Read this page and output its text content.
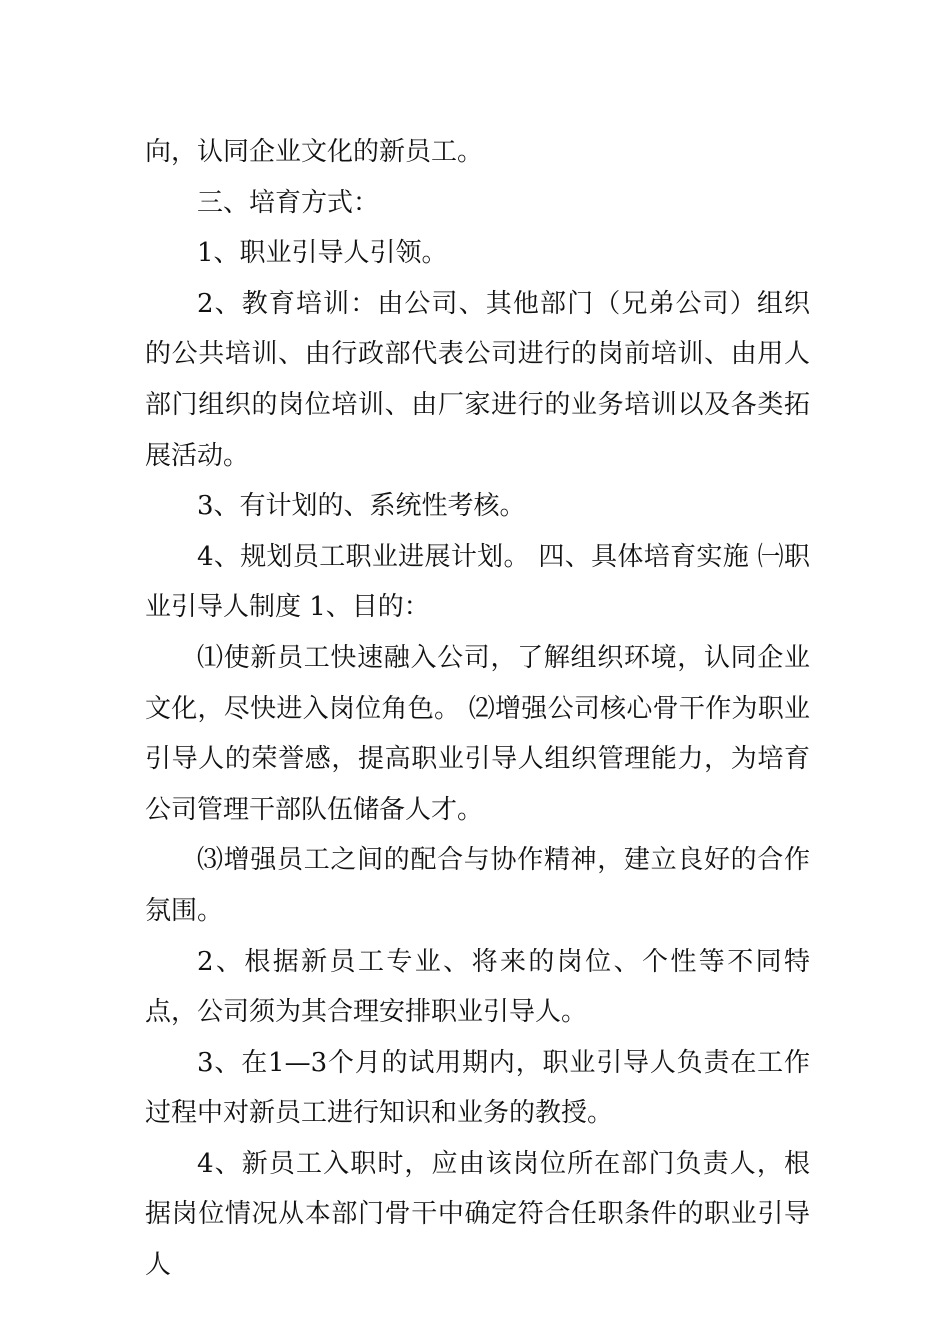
向，认同企业文化的新员工。

三、培育方式：

1、职业引导人引领。

2、教育培训：由公司、其他部门（兄弟公司）组织的公共培训、由行政部代表公司进行的岗前培训、由用人部门组织的岗位培训、由厂家进行的业务培训以及各类拓展活动。

3、有计划的、系统性考核。

4、规划员工职业进展计划。 四、具体培育实施 ㈠职业引导人制度 1、目的：

⑴使新员工快速融入公司，了解组织环境，认同企业文化，尽快进入岗位角色。 ⑵增强公司核心骨干作为职业引导人的荣誉感，提高职业引导人组织管理能力，为培育公司管理干部队伍储备人才。

⑶增强员工之间的配合与协作精神，建立良好的合作氛围。

2、根据新员工专业、将来的岗位、个性等不同特点，公司须为其合理安排职业引导人。

3、在1—3个月的试用期内，职业引导人负责在工作过程中对新员工进行知识和业务的教授。

4、新员工入职时，应由该岗位所在部门负责人，根据岗位情况从本部门骨干中确定符合任职条件的职业引导人
